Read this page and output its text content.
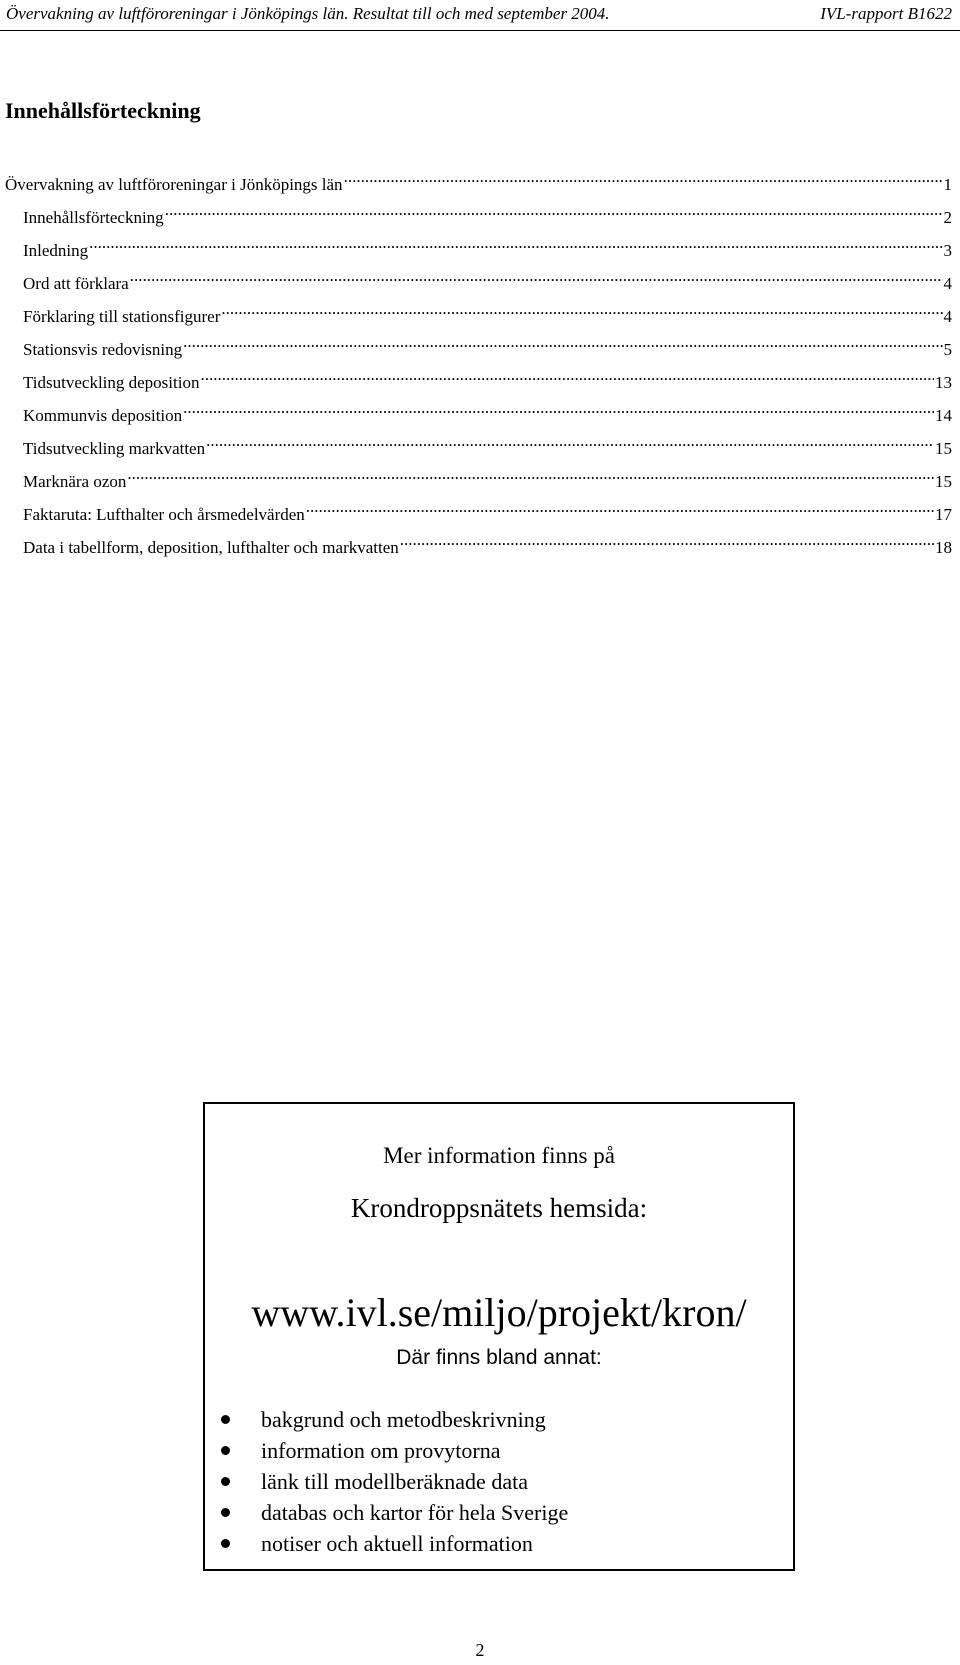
Övervakning av luftföroreningar i Jönköpings län. Resultat till och med september 2004.	IVL-rapport B1622
Innehållsförteckning
Övervakning av luftföroreningar i Jönköpings län .....	1
Innehållsförteckning .....	2
Inledning .....	3
Ord att förklara .....	4
Förklaring till stationsfigurer .....	4
Stationsvis redovisning .....	5
Tidsutveckling deposition .....	13
Kommunvis deposition .....	14
Tidsutveckling markvatten .....	15
Marknära ozon .....	15
Faktaruta: Lufthalter och årsmedelvärden .....	17
Data i tabellform, deposition, lufthalter och markvatten .....	18
Mer information finns på
Krondroppsnätets hemsida:
www.ivl.se/miljo/projekt/kron/
Där finns bland annat:
bakgrund och metodbeskrivning
information om provytorna
länk till modellberäknade data
databas och kartor för hela Sverige
notiser och aktuell information
2
